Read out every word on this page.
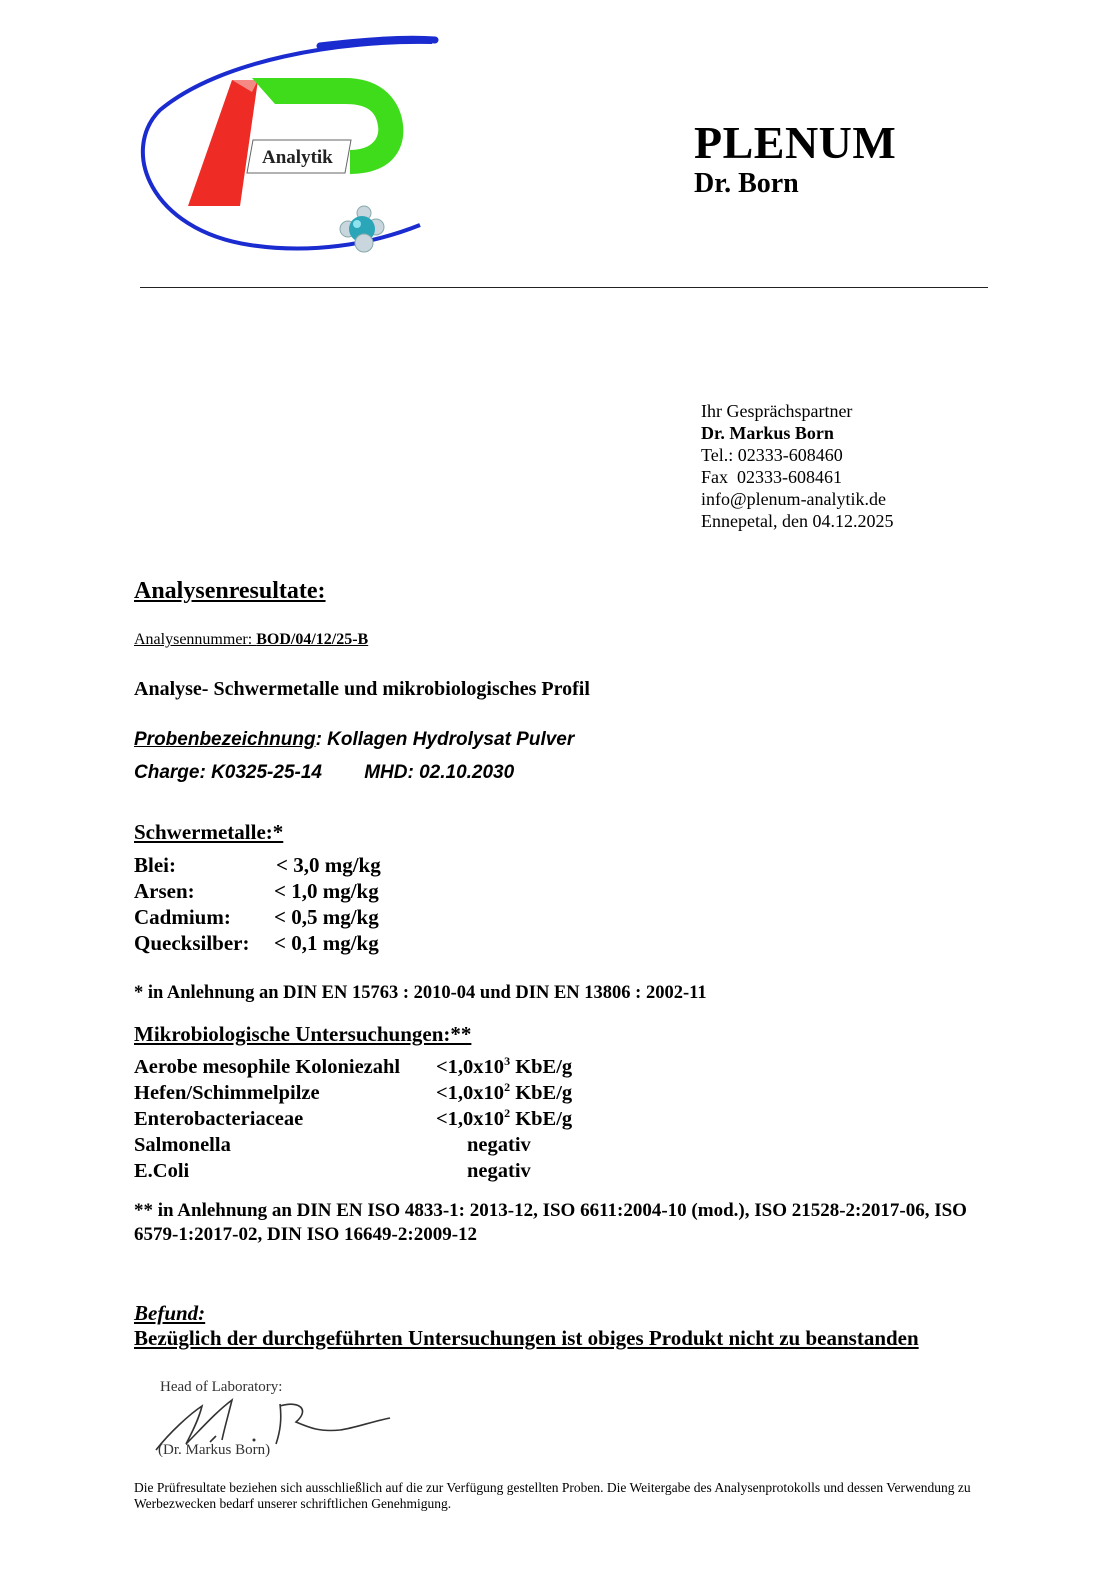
Analytik	PLENUM
Dr. Born
Ihr Gesprächspartner
Dr. Markus Born
Tel.: 02333-608460
Fax  02333-608461
info@plenum-analytik.de
Ennepetal, den 04.12.2025
Analysenresultate:
Analysennummer: BOD/04/12/25-B
Analyse- Schwermetalle und mikrobiologisches Profil
Probenbezeichnung: Kollagen Hydrolysat Pulver
Charge: K0325-25-14 MHD: 02.10.2030
Schwermetalle:*
Blei:	< 3,0 mg/kg
Arsen:	< 1,0 mg/kg
Cadmium:	< 0,5 mg/kg
Quecksilber:	< 0,1 mg/kg
* in Anlehnung an DIN EN 15763 : 2010-04 und DIN EN 13806 : 2002-11
Mikrobiologische Untersuchungen:**
Aerobe mesophile Koloniezahl	$<1,0x10^3$ KbE/g
Hefen/Schimmelpilze	$<1,0x10^2$ KbE/g
Enterobacteriaceae	$<1,0x10^2$ KbE/g
Salmonella	negativ
E.Coli	negativ
** in Anlehnung an DIN EN ISO 4833-1: 2013-12, ISO 6611:2004-10 (mod.), ISO 21528-2:2017-06, ISO 6579-1:2017-02, DIN ISO 16649-2:2009-12
Befund:
Bezüglich der durchgeführten Untersuchungen ist obiges Produkt nicht zu beanstanden
Head of Laboratory:
(Dr. Markus Born)
Die Prüfresultate beziehen sich ausschließlich auf die zur Verfügung gestellten Proben. Die Weitergabe des Analysenprotokolls und dessen Verwendung zu Werbezwecken bedarf unserer schriftlichen Genehmigung.
